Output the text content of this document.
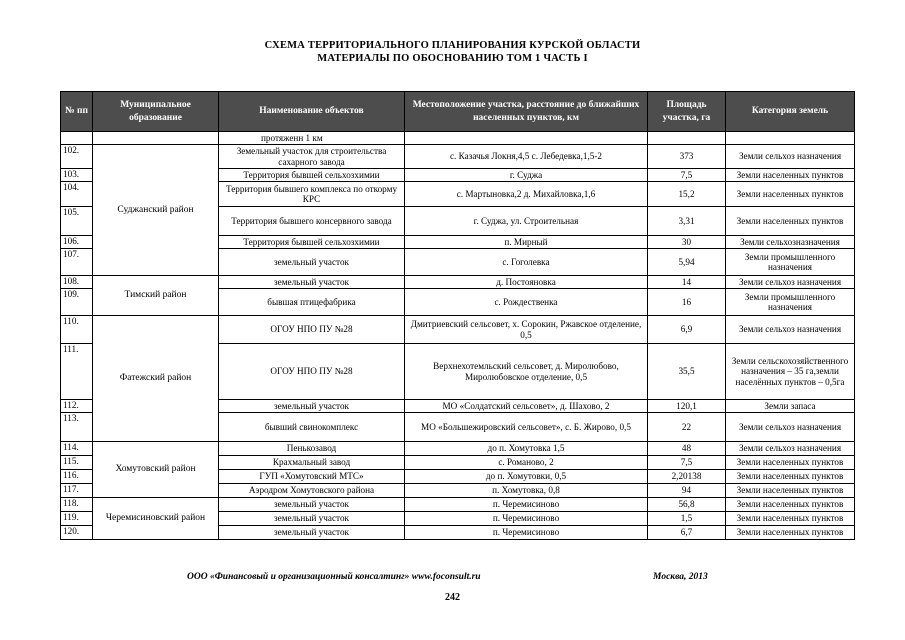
СХЕМА ТЕРРИТОРИАЛЬНОГО ПЛАНИРОВАНИЯ КУРСКОЙ ОБЛАСТИ
МАТЕРИАЛЫ ПО ОБОСНОВАНИЮ ТОМ 1 ЧАСТЬ I
№ пп	Муниципальное образование	Наименование объектов	Местоположение участка, расстояние до ближайших населенных пунктов, км	Площадь участка, га	Категория земель
		протяженн 1 км			
102.	Суджанский район	Земельный участок для строительства сахарного завода	с. Казачья Локня,4,5 с. Лебедевка,1,5-2	373	Земли сельхоз назначения
103.		Территория бывшей сельхозхимии	г. Суджа	7,5	Земли населенных пунктов
104.		Территория бывшего комплекса по откорму КРС	с. Мартыновка,2 д. Михайловка,1,6	15,2	Земли населенных пунктов
105.		Территория бывшего консервного завода	г. Суджа, ул. Строительная	3,31	Земли населенных пунктов
106.		Территория бывшей сельхозхимии	п. Мирный	30	Земли сельхозназначения
107.		земельный участок	с. Гоголевка	5,94	Земли промышленного назначения
108.	Тимский район	земельный участок	д. Постояновка	14	Земли сельхоз назначения
109.		бывшая птицефабрика	с. Рождественка	16	Земли промышленного назначения
110.	Фатежский район	ОГОУ НПО ПУ №28	Дмитриевский сельсовет, х. Сорокин, Ржавское отделение, 0,5	6,9	Земли сельхоз назначения
111.		ОГОУ НПО ПУ №28	Верхнехотемльский сельсовет, д. Миролюбово, Миролюбовское отделение, 0,5	35,5	Земли сельскохозяйственного назначения – 35 га,земли населённых пунктов – 0,5га
112.		земельный участок	МО «Солдатский сельсовет», д. Шахово, 2	120,1	Земли запаса
113.		бывший свинокомплекс	МО «Большежировский сельсовет», с. Б. Жирово, 0,5	22	Земли сельхоз назначения
114.	Хомутовский район	Пенькозавод	до п. Хомутовка 1,5	48	Земли сельхоз назначения
115.		Крахмальный завод	с. Романово, 2	7,5	Земли населенных пунктов
116.		ГУП «Хомутовский МТС»	до п. Хомутовки, 0,5	2,20138	Земли населенных пунктов
117.		Аэродром Хомутовского района	п. Хомутовка, 0,8	94	Земли населенных пунктов
118.	Черемисиновский район	земельный участок	п. Черемисиново	56,8	Земли населенных пунктов
119.		земельный участок	п. Черемисиново	1,5	Земли населенных пунктов
120.		земельный участок	п. Черемисиново	6,7	Земли населенных пунктов
ООО «Финансовый и организационный консалтинг» www.foconsult.ru	Москва, 2013
242
